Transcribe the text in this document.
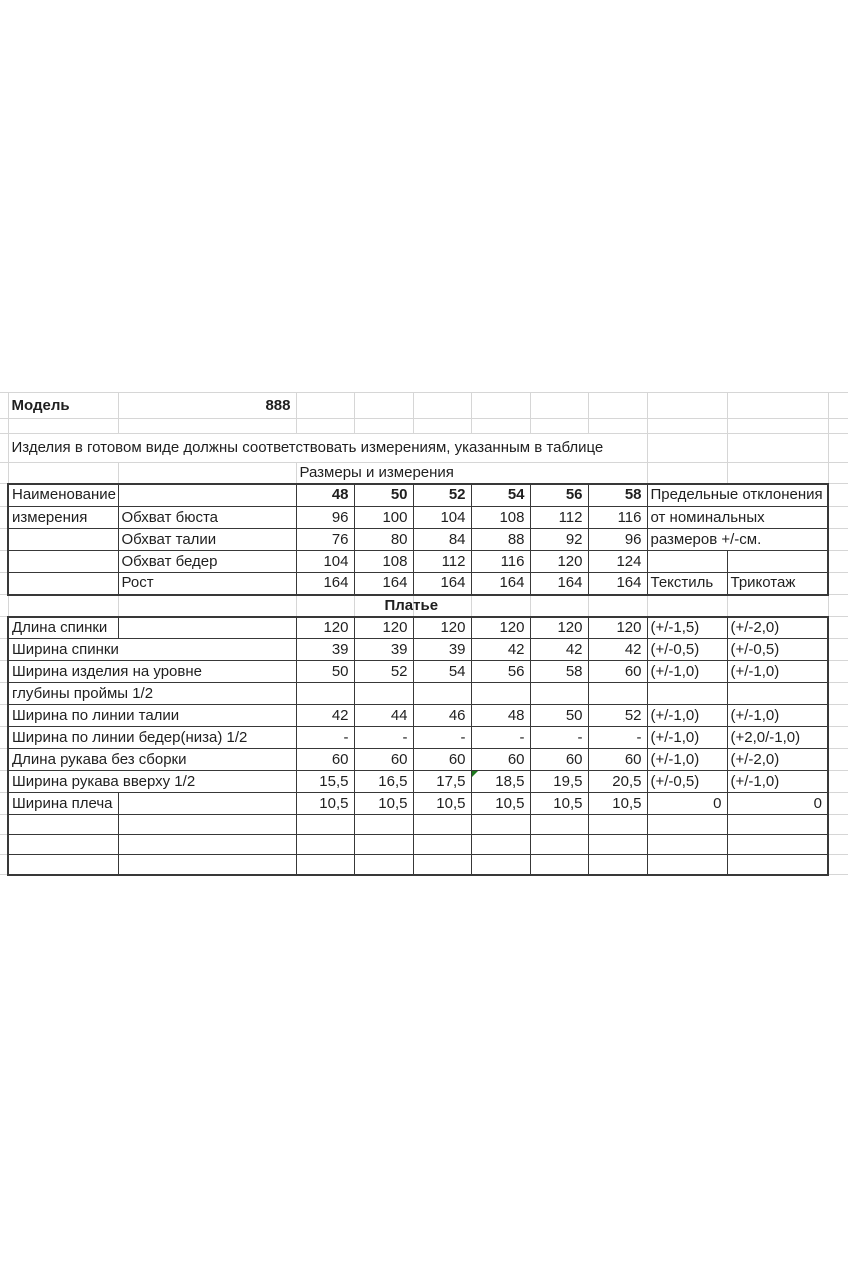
	Модель	888									

	Изделия в готовом виде должны соответствовать измерениям, указанным в таблице										
			Размеры и измерения								
	Наименование		48	50	52	54	56	58	Предельные отклонения		
	измерения	Обхват бюста	96	100	104	108	112	116	от номинальных		
		Обхват талии	76	80	84	88	92	96	размеров +/-см.		
		Обхват бедер	104	108	112	116	120	124			
		Рост	164	164	164	164	164	164	Текстиль	Трикотаж	
				Платье							
	Длина спинки		120	120	120	120	120	120	(+/-1,5)	(+/-2,0)	
	Ширина спинки		39	39	39	42	42	42	(+/-0,5)	(+/-0,5)	
	Ширина изделия на уровне		50	52	54	56	58	60	(+/-1,0)	(+/-1,0)	
	глубины проймы 1/2										
	Ширина по линии талии		42	44	46	48	50	52	(+/-1,0)	(+/-1,0)	
	Ширина по линии бедер(низа) 1/2		-	-	-	-	-	-	(+/-1,0)	(+2,0/-1,0)	
	Длина рукава без сборки		60	60	60	60	60	60	(+/-1,0)	(+/-2,0)	
	Ширина рукава вверху 1/2		15,5	16,5	17,5	18,5	19,5	20,5	(+/-0,5)	(+/-1,0)	
	Ширина плеча		10,5	10,5	10,5	10,5	10,5	10,5	0	0	
